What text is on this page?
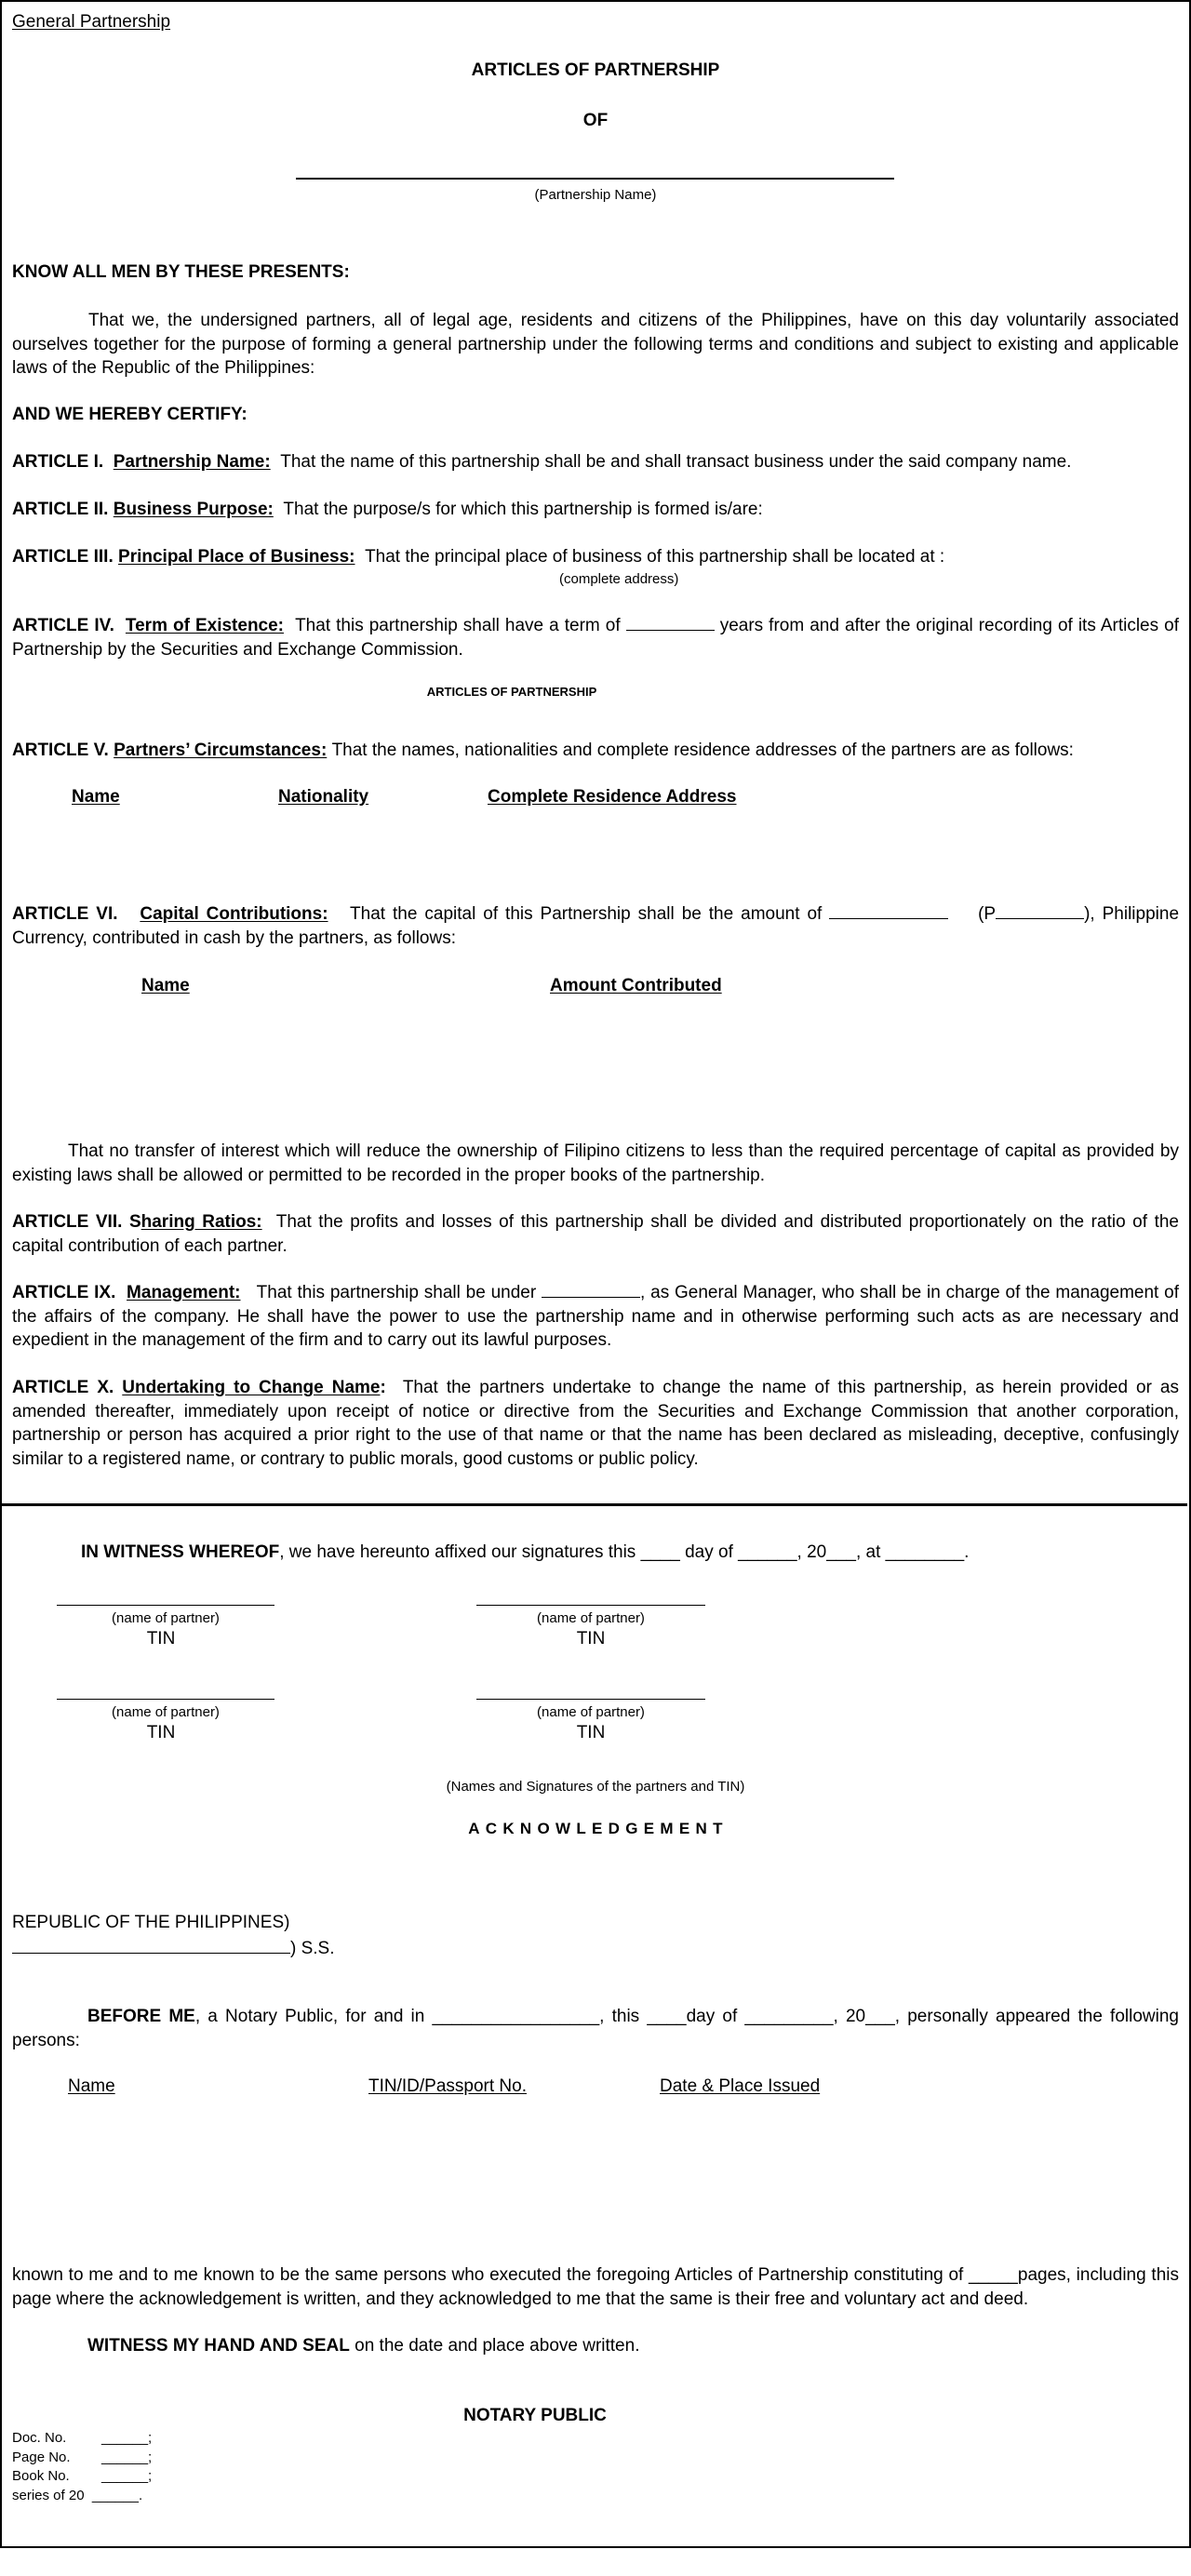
General Partnership
ARTICLES OF PARTNERSHIP
OF
(Partnership Name)
KNOW ALL MEN BY THESE PRESENTS:
That we, the undersigned partners, all of legal age, residents and citizens of the Philippines, have on this day voluntarily associated ourselves together for the purpose of forming a general partnership under the following terms and conditions and subject to existing and applicable laws of the Republic of the Philippines:
AND WE HEREBY CERTIFY:
ARTICLE I. Partnership Name: That the name of this partnership shall be and shall transact business under the said company name.
ARTICLE II. Business Purpose: That the purpose/s for which this partnership is formed is/are:
ARTICLE III. Principal Place of Business: That the principal place of business of this partnership shall be located at :
(complete address)
ARTICLE IV. Term of Existence: That this partnership shall have a term of	years from and after the original recording of its Articles of Partnership by the Securities and Exchange Commission.
ARTICLES OF PARTNERSHIP
ARTICLE V. Partners’ Circumstances: That the names, nationalities and complete residence addresses of the partners are as follows:
Name	Nationality	Complete Residence Address
ARTICLE VI. Capital Contributions: That the capital of this Partnership shall be the amount of	(P	), Philippine Currency, contributed in cash by the partners, as follows:
Name	Amount Contributed
That no transfer of interest which will reduce the ownership of Filipino citizens to less than the required percentage of capital as provided by existing laws shall be allowed or permitted to be recorded in the proper books of the partnership.
ARTICLE VII. Sharing Ratios: That the profits and losses of this partnership shall be divided and distributed proportionately on the ratio of the capital contribution of each partner.
ARTICLE IX. Management: That this partnership shall be under	, as General Manager, who shall be in charge of the management of the affairs of the company. He shall have the power to use the partnership name and in otherwise performing such acts as are necessary and expedient in the management of the firm and to carry out its lawful purposes.
ARTICLE X. Undertaking to Change Name: That the partners undertake to change the name of this partnership, as herein provided or as amended thereafter, immediately upon receipt of notice or directive from the Securities and Exchange Commission that another corporation, partnership or person has acquired a prior right to the use of that name or that the name has been declared as misleading, deceptive, confusingly similar to a registered name, or contrary to public morals, good customs or public policy.
IN WITNESS WHEREOF, we have hereunto affixed our signatures this ____ day of ______, 20___, at ________.
(name of partner)
TIN
(name of partner)
TIN
(name of partner)
TIN
(name of partner)
TIN
(Names and Signatures of the partners and TIN)
ACKNOWLEDGEMENT
REPUBLIC OF THE PHILIPPINES)
) S.S.
BEFORE ME, a Notary Public, for and in _________________, this ____day of _________, 20___, personally appeared the following persons:
Name	TIN/ID/Passport No.	Date & Place Issued
known to me and to me known to be the same persons who executed the foregoing Articles of Partnership constituting of _____pages, including this page where the acknowledgement is written, and they acknowledged to me that the same is their free and voluntary act and deed.
WITNESS MY HAND AND SEAL on the date and place above written.
NOTARY PUBLIC
Doc. No.	______;
Page No. ______;
Book No. ______;
series of 20 ______.
